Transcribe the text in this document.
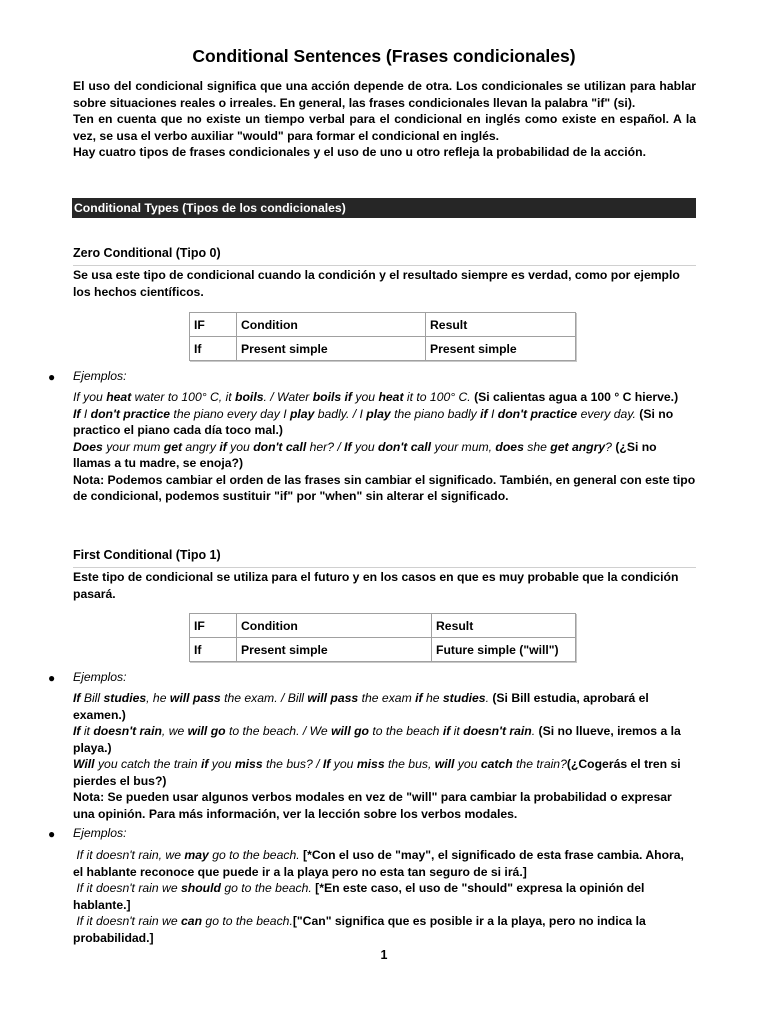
Conditional Sentences (Frases condicionales)

El uso del condicional significa que una acción depende de otra. Los condicionales se utilizan para hablar sobre situaciones reales o irreales. En general, las frases condicionales llevan la palabra "if" (si).

Ten en cuenta que no existe un tiempo verbal para el condicional en inglés como existe en español. A la vez, se usa el verbo auxiliar "would" para formar el condicional en inglés.

Hay cuatro tipos de frases condicionales y el uso de uno u otro refleja la probabilidad de la acción.

Conditional Types (Tipos de los condicionales)
Zero Conditional (Tipo 0)
Se usa este tipo de condicional cuando la condición y el resultado siempre es verdad, como por ejemplo los hechos científicos.
IF	Condition	Result
If	Present simple	Present simple
● Ejemplos:

If you heat water to 100° C, it boils. / Water boils if you heat it to 100° C. (Si calientas agua a 100 ° C hierve.)

If I don't practice the piano every day I play badly. / I play the piano badly if I don't practice every day. (Si no practico el piano cada día toco mal.)

Does your mum get angry if you don't call her? / If you don't call your mum, does she get angry? (¿Si no llamas a tu madre, se enoja?)

Nota: Podemos cambiar el orden de las frases sin cambiar el significado. También, en general con este tipo de condicional, podemos sustituir "if" por "when" sin alterar el significado.

First Conditional (Tipo 1)
Este tipo de condicional se utiliza para el futuro y en los casos en que es muy probable que la condición pasará.
IF	Condition	Result
If	Present simple	Future simple ("will")
● Ejemplos:

If Bill studies, he will pass the exam. / Bill will pass the exam if he studies. (Si Bill estudia, aprobará el examen.)

If it doesn't rain, we will go to the beach. / We will go to the beach if it doesn't rain. (Si no llueve, iremos a la playa.)

Will you catch the train if you miss the bus? / If you miss the bus, will you catch the train?(¿Cogerás el tren si pierdes el bus?)

Nota: Se pueden usar algunos verbos modales en vez de "will" para cambiar la probabilidad o expresar una opinión. Para más información, ver la lección sobre los verbos modales.

● Ejemplos:

If it doesn't rain, we may go to the beach. [*Con el uso de "may", el significado de esta frase cambia. Ahora, el hablante reconoce que puede ir a la playa pero no esta tan seguro de si irá.]

If it doesn't rain we should go to the beach. [*En este caso, el uso de "should" expresa la opinión del hablante.]

If it doesn't rain we can go to the beach.["Can" significa que es posible ir a la playa, pero no indica la probabilidad.]

1
